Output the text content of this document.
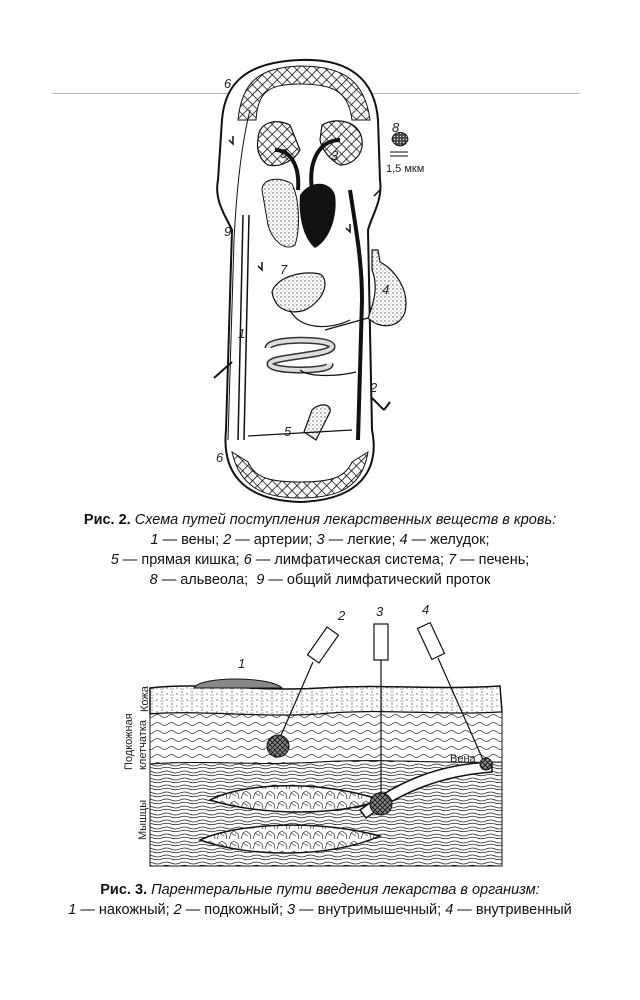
6
3	3
8
1,5 мкм
9
7
4
1
2
5
6
1
2 3	4
Вена
Кожа
Подкожная клетчатка
Мышцы
Рис. 2. Схема путей поступления лекарственных веществ в кровь:
1 — вены; 2 — артерии; 3 — легкие; 4 — желудок;
5 — прямая кишка; 6 — лимфатическая система; 7 — печень;
8 — альвеола;  9 — общий лимфатический проток
Рис. 3. Парентеральные пути введения лекарства в организм:
1 — накожный; 2 — подкожный; 3 — внутримышечный; 4 — внутривенный
